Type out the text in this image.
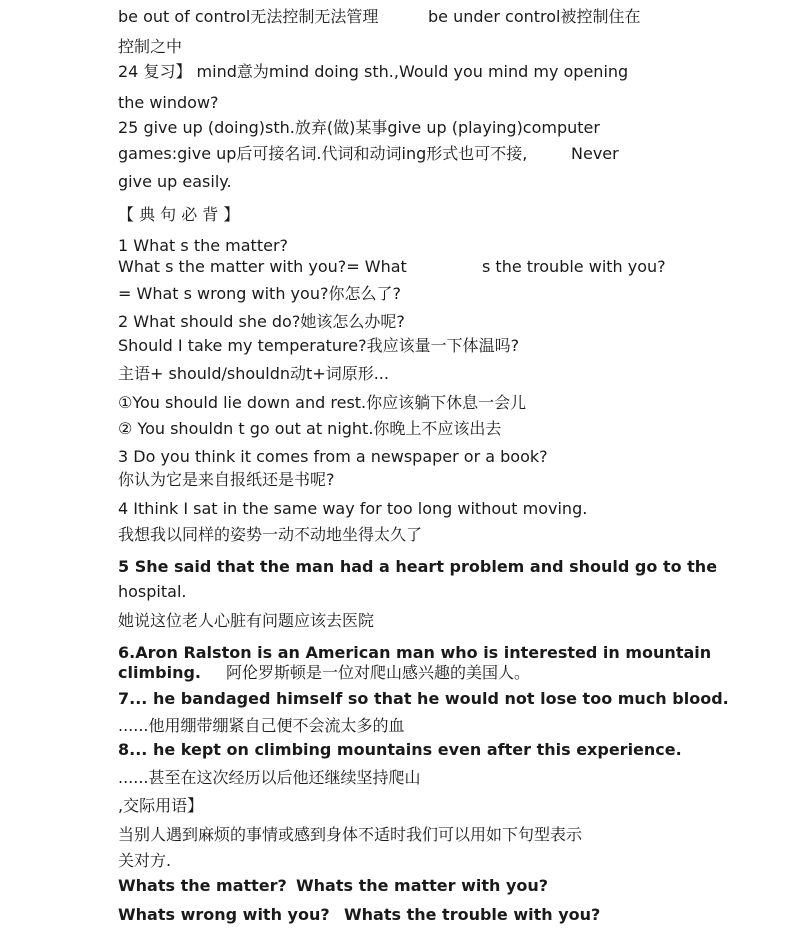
be out of control无法控制无法管理	be under control被控制住在
控制之中
24 复习】 mind意为mind doing sth.,Would you mind my opening
the window?
25 give up (doing)sth.放弃(做)某事give up (playing)computer
games:give up后可接名词.代词和动词ing形式也可不接,	Never
give up easily.
【 典 句 必 背 】
1 What s the matter?
What s the matter with you?= What	s the trouble with you?
= What s wrong with you?你怎么了?
2 What should she do?她该怎么办呢?
Should I take my temperature?我应该量一下体温吗?
主语+ should/shouldn动t+词原形...
①You should lie down and rest.你应该躺下休息一会儿
② You shouldn t go out at night.你晚上不应该出去
3 Do you think it comes from a newspaper or a book?
你认为它是来自报纸还是书呢?
4 Ithink I sat in the same way for too long without moving.
我想我以同样的姿势一动不动地坐得太久了
5 She said that the man had a heart problem and should go to the
hospital.
她说这位老人心脏有问题应该去医院
6.Aron Ralston is an American man who is interested in mountain
climbing. 阿伦罗斯顿是一位对爬山感兴趣的美国人。
7... he bandaged himself so that he would not lose too much blood.
......他用绷带绷紧自己便不会流太多的血
8... he kept on climbing mountains even after this experience.
......甚至在这次经历以后他还继续坚持爬山
,交际用语】
当别人遇到麻烦的事情或感到身体不适时我们可以用如下句型表示
关对方.
Whats the matter? Whats the matter with you?
Whats wrong with you? Whats the trouble with you?
